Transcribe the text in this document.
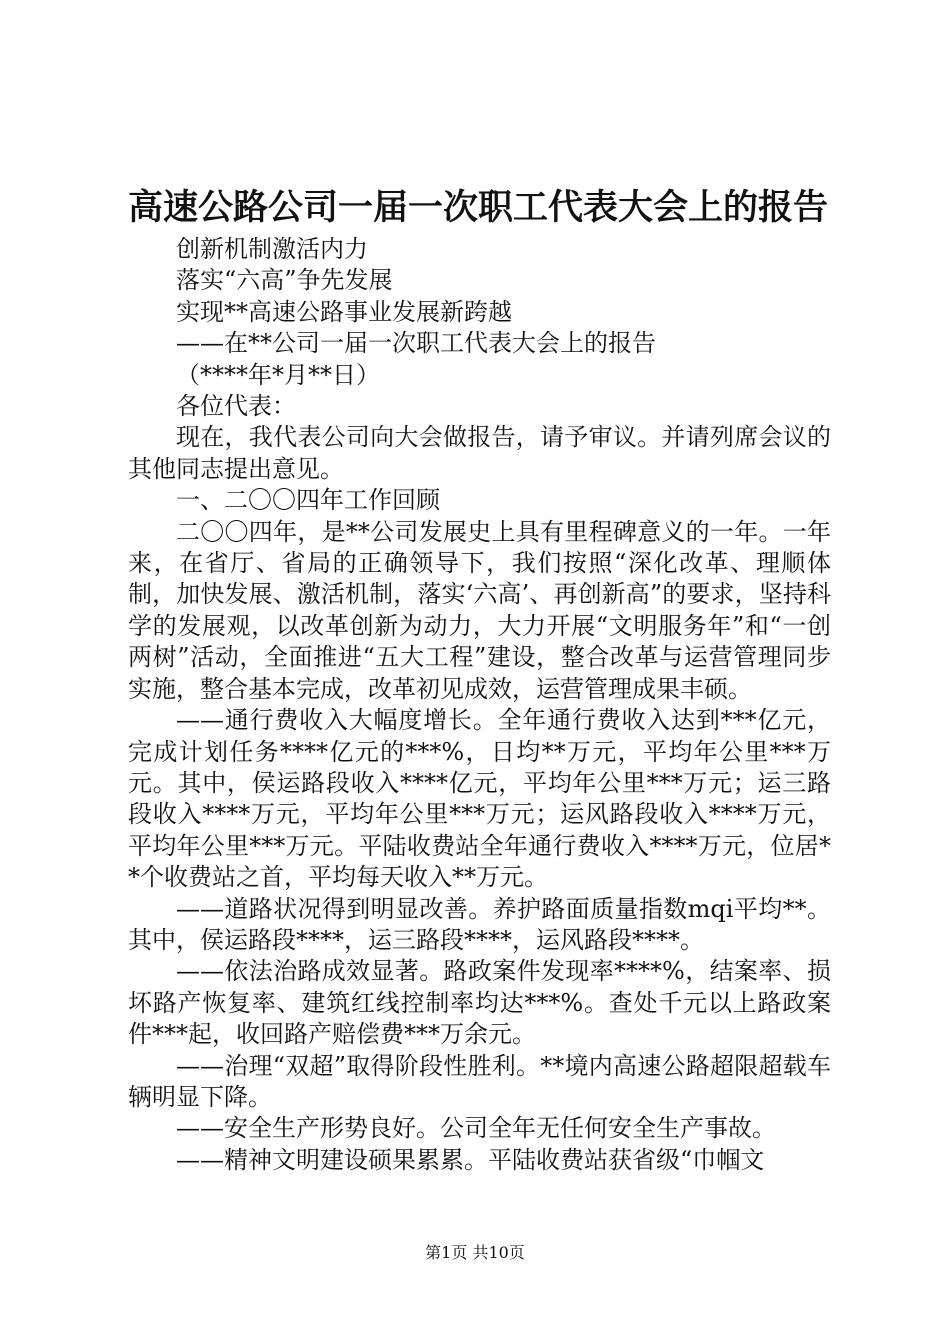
高速公路公司一届一次职工代表大会上的报告

创新机制激活内力

落实“六高”争先发展

实现**高速公路事业发展新跨越

——在**公司一届一次职工代表大会上的报告

（****年*月**日）

各位代表：

现在，我代表公司向大会做报告，请予审议。并请列席会议的其他同志提出意见。

一、二〇〇四年工作回顾

二〇〇四年，是**公司发展史上具有里程碑意义的一年。一年来，在省厅、省局的正确领导下，我们按照“深化改革、理顺体制，加快发展、激活机制，落实‘六高’、再创新高”的要求，坚持科学的发展观，以改革创新为动力，大力开展“文明服务年”和“一创两树”活动，全面推进“五大工程”建设，整合改革与运营管理同步实施，整合基本完成，改革初见成效，运营管理成果丰硕。

——通行费收入大幅度增长。全年通行费收入达到***亿元，完成计划任务****亿元的***%，日均**万元，平均年公里***万元。其中，侯运路段收入****亿元，平均年公里***万元；运三路段收入****万元，平均年公里***万元；运风路段收入****万元，平均年公里***万元。平陆收费站全年通行费收入****万元，位居**个收费站之首，平均每天收入**万元。

——道路状况得到明显改善。养护路面质量指数mqi平均**。其中，侯运路段****，运三路段****，运风路段****。

——依法治路成效显著。路政案件发现率****%，结案率、损坏路产恢复率、建筑红线控制率均达***%。查处千元以上路政案件***起，收回路产赔偿费***万余元。

——治理“双超”取得阶段性胜利。**境内高速公路超限超载车辆明显下降。

——安全生产形势良好。公司全年无任何安全生产事故。

——精神文明建设硕果累累。平陆收费站获省级“巾帼文

第1页 共10页
